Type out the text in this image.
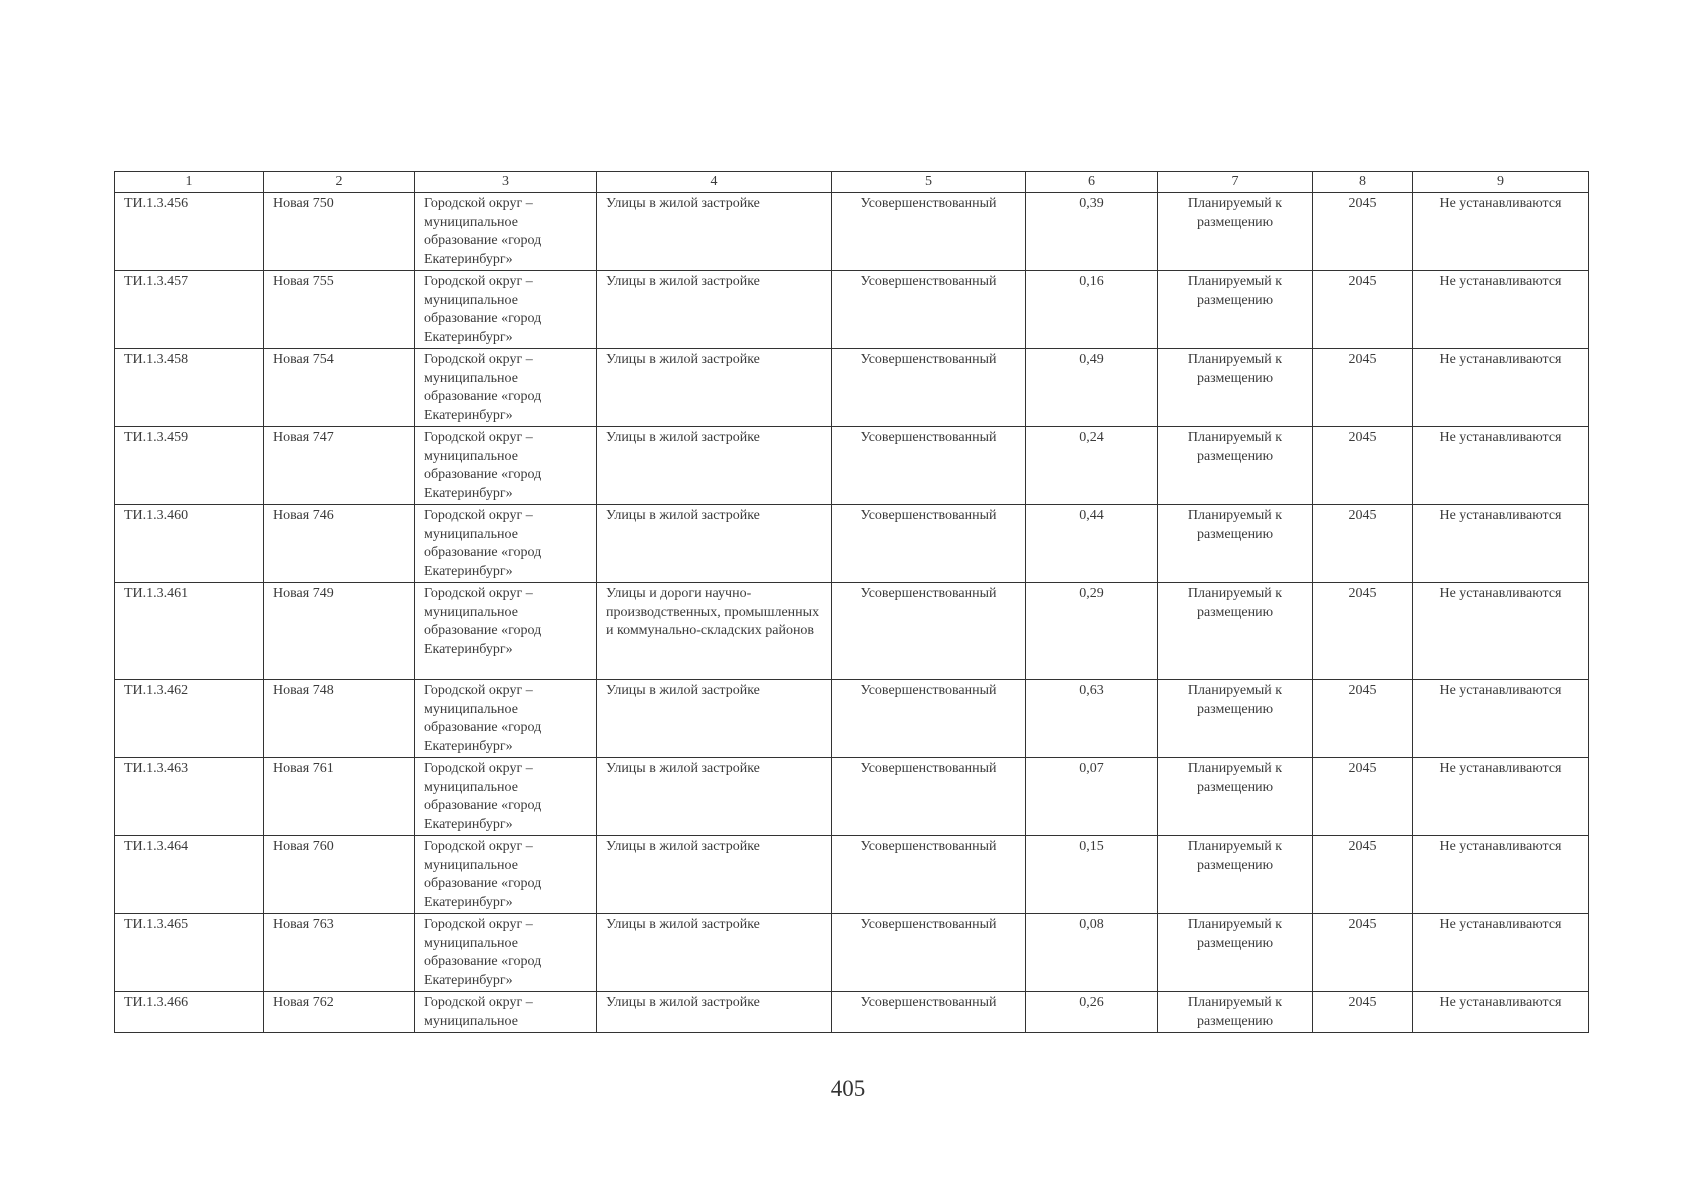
1	2	3	4	5	6	7	8	9
ТИ.1.3.456	Новая 750	Городской округ – муниципальное образование «город Екатеринбург»	Улицы в жилой застройке	Усовершенствованный	0,39	Планируемый к размещению	2045	Не устанавливаются
ТИ.1.3.457	Новая 755	Городской округ – муниципальное образование «город Екатеринбург»	Улицы в жилой застройке	Усовершенствованный	0,16	Планируемый к размещению	2045	Не устанавливаются
ТИ.1.3.458	Новая 754	Городской округ – муниципальное образование «город Екатеринбург»	Улицы в жилой застройке	Усовершенствованный	0,49	Планируемый к размещению	2045	Не устанавливаются
ТИ.1.3.459	Новая 747	Городской округ – муниципальное образование «город Екатеринбург»	Улицы в жилой застройке	Усовершенствованный	0,24	Планируемый к размещению	2045	Не устанавливаются
ТИ.1.3.460	Новая 746	Городской округ – муниципальное образование «город Екатеринбург»	Улицы в жилой застройке	Усовершенствованный	0,44	Планируемый к размещению	2045	Не устанавливаются
ТИ.1.3.461	Новая 749	Городской округ – муниципальное образование «город Екатеринбург»	Улицы и дороги научно-производственных, промышленных и коммунально-складских районов	Усовершенствованный	0,29	Планируемый к размещению	2045	Не устанавливаются
ТИ.1.3.462	Новая 748	Городской округ – муниципальное образование «город Екатеринбург»	Улицы в жилой застройке	Усовершенствованный	0,63	Планируемый к размещению	2045	Не устанавливаются
ТИ.1.3.463	Новая 761	Городской округ – муниципальное образование «город Екатеринбург»	Улицы в жилой застройке	Усовершенствованный	0,07	Планируемый к размещению	2045	Не устанавливаются
ТИ.1.3.464	Новая 760	Городской округ – муниципальное образование «город Екатеринбург»	Улицы в жилой застройке	Усовершенствованный	0,15	Планируемый к размещению	2045	Не устанавливаются
ТИ.1.3.465	Новая 763	Городской округ – муниципальное образование «город Екатеринбург»	Улицы в жилой застройке	Усовершенствованный	0,08	Планируемый к размещению	2045	Не устанавливаются
ТИ.1.3.466	Новая 762	Городской округ – муниципальное	Улицы в жилой застройке	Усовершенствованный	0,26	Планируемый к размещению	2045	Не устанавливаются
405
